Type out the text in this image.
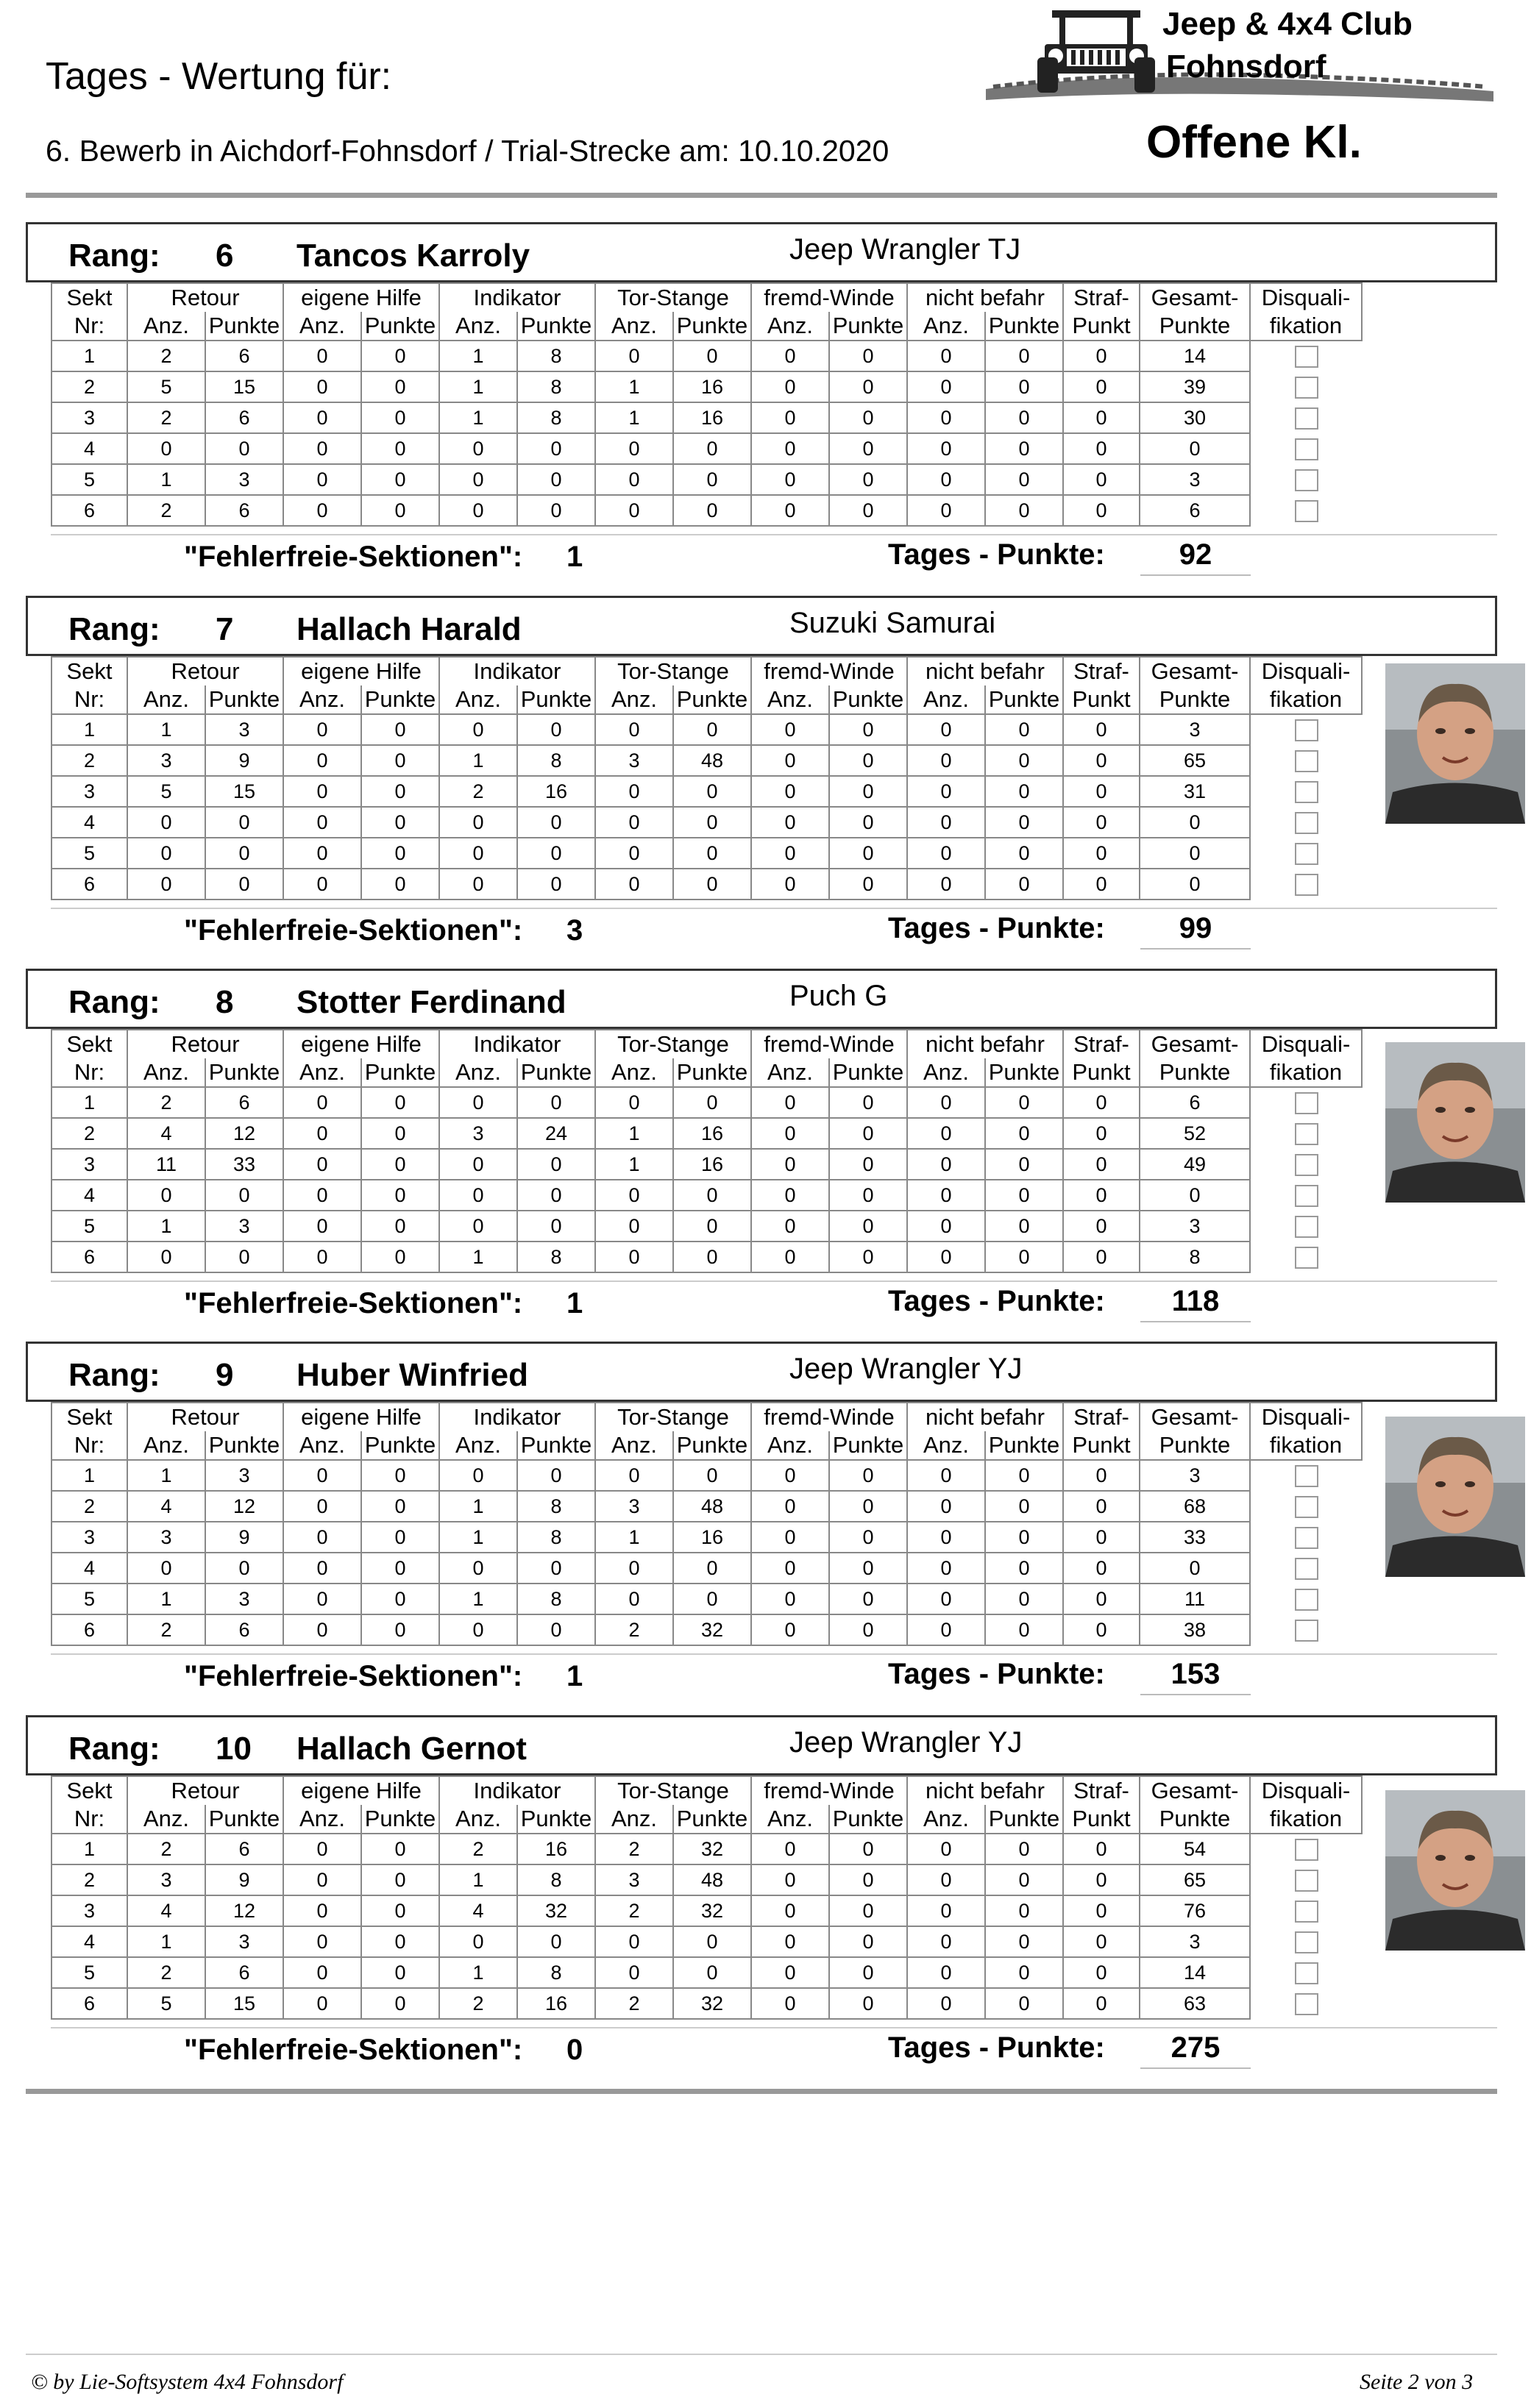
Tages - Wertung für:
6. Bewerb in Aichdorf-Fohnsdorf / Trial-Strecke am: 10.10.2020	Offene Kl.
Jeep & 4x4 Club
Fohnsdorf
Rang: 6 Tancos Karroly	Jeep Wrangler TJ
Sekt	Retour		eigene Hilfe		Indikator		Tor-Stange		fremd-Winde		nicht befahr		Straf-	Gesamt-	Disquali-
Nr:	Anz.	Punkte	Anz.	Punkte	Anz.	Punkte	Anz.	Punkte	Anz.	Punkte	Anz.	Punkte	Punkt	Punkte	fikation
1	2	6	0	0	1	8	0	0	0	0	0	0	0	14	
2	5	15	0	0	1	8	1	16	0	0	0	0	0	39	
3	2	6	0	0	1	8	1	16	0	0	0	0	0	30	
4	0	0	0	0	0	0	0	0	0	0	0	0	0	0	
5	1	3	0	0	0	0	0	0	0	0	0	0	0	3	
6	2	6	0	0	0	0	0	0	0	0	0	0	0	6	
"Fehlerfreie-Sektionen": 1	Tages - Punkte:	92
Rang: 7 Hallach Harald	Suzuki Samurai
Sekt	Retour		eigene Hilfe		Indikator		Tor-Stange		fremd-Winde		nicht befahr		Straf-	Gesamt-	Disquali-
Nr:	Anz.	Punkte	Anz.	Punkte	Anz.	Punkte	Anz.	Punkte	Anz.	Punkte	Anz.	Punkte	Punkt	Punkte	fikation
1	1	3	0	0	0	0	0	0	0	0	0	0	0	3	
2	3	9	0	0	1	8	3	48	0	0	0	0	0	65	
3	5	15	0	0	2	16	0	0	0	0	0	0	0	31	
4	0	0	0	0	0	0	0	0	0	0	0	0	0	0	
5	0	0	0	0	0	0	0	0	0	0	0	0	0	0	
6	0	0	0	0	0	0	0	0	0	0	0	0	0	0	
"Fehlerfreie-Sektionen": 3	Tages - Punkte:	99
Rang: 8 Stotter Ferdinand	Puch G
Sekt	Retour		eigene Hilfe		Indikator		Tor-Stange		fremd-Winde		nicht befahr		Straf-	Gesamt-	Disquali-
Nr:	Anz.	Punkte	Anz.	Punkte	Anz.	Punkte	Anz.	Punkte	Anz.	Punkte	Anz.	Punkte	Punkt	Punkte	fikation
1	2	6	0	0	0	0	0	0	0	0	0	0	0	6	
2	4	12	0	0	3	24	1	16	0	0	0	0	0	52	
3	11	33	0	0	0	0	1	16	0	0	0	0	0	49	
4	0	0	0	0	0	0	0	0	0	0	0	0	0	0	
5	1	3	0	0	0	0	0	0	0	0	0	0	0	3	
6	0	0	0	0	1	8	0	0	0	0	0	0	0	8	
"Fehlerfreie-Sektionen": 1	Tages - Punkte:	118
Rang: 9 Huber Winfried	Jeep Wrangler YJ
Sekt	Retour		eigene Hilfe		Indikator		Tor-Stange		fremd-Winde		nicht befahr		Straf-	Gesamt-	Disquali-
Nr:	Anz.	Punkte	Anz.	Punkte	Anz.	Punkte	Anz.	Punkte	Anz.	Punkte	Anz.	Punkte	Punkt	Punkte	fikation
1	1	3	0	0	0	0	0	0	0	0	0	0	0	3	
2	4	12	0	0	1	8	3	48	0	0	0	0	0	68	
3	3	9	0	0	1	8	1	16	0	0	0	0	0	33	
4	0	0	0	0	0	0	0	0	0	0	0	0	0	0	
5	1	3	0	0	1	8	0	0	0	0	0	0	0	11	
6	2	6	0	0	0	0	2	32	0	0	0	0	0	38	
"Fehlerfreie-Sektionen": 1	Tages - Punkte:	153
Rang: 10 Hallach Gernot	Jeep Wrangler YJ
Sekt	Retour		eigene Hilfe		Indikator		Tor-Stange		fremd-Winde		nicht befahr		Straf-	Gesamt-	Disquali-
Nr:	Anz.	Punkte	Anz.	Punkte	Anz.	Punkte	Anz.	Punkte	Anz.	Punkte	Anz.	Punkte	Punkt	Punkte	fikation
1	2	6	0	0	2	16	2	32	0	0	0	0	0	54	
2	3	9	0	0	1	8	3	48	0	0	0	0	0	65	
3	4	12	0	0	4	32	2	32	0	0	0	0	0	76	
4	1	3	0	0	0	0	0	0	0	0	0	0	0	3	
5	2	6	0	0	1	8	0	0	0	0	0	0	0	14	
6	5	15	0	0	2	16	2	32	0	0	0	0	0	63	
"Fehlerfreie-Sektionen": 0	Tages - Punkte:	275
© by Lie-Softsystem 4x4 Fohnsdorf	Seite 2 von 3
